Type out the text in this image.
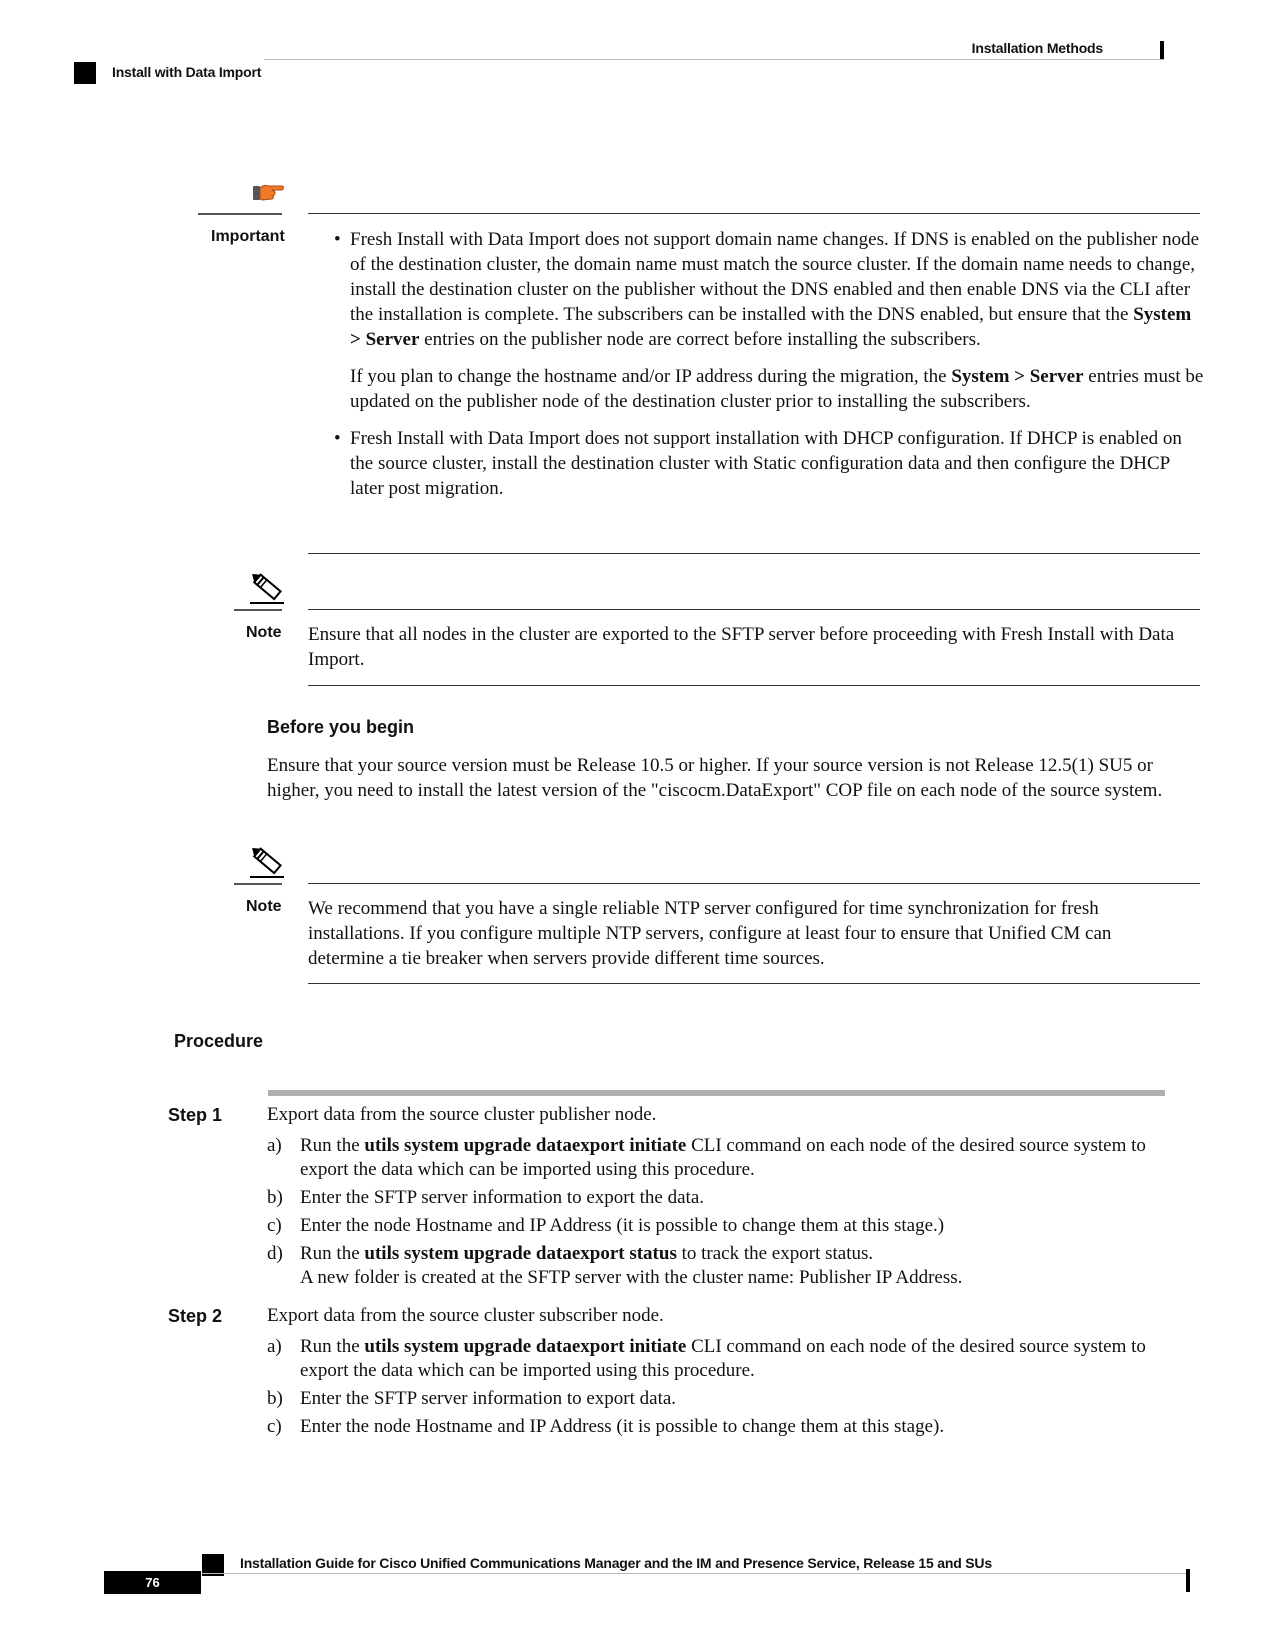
Installation Methods
Install with Data Import
Important
•	Fresh Install with Data Import does not support domain name changes. If DNS is enabled on the publisher node of the destination cluster, the domain name must match the source cluster. If the domain name needs to change, install the destination cluster on the publisher without the DNS enabled and then enable DNS via the CLI after the installation is complete. The subscribers can be installed with the DNS enabled, but ensure that the System > Server entries on the publisher node are correct before installing the subscribers.

If you plan to change the hostname and/or IP address during the migration, the System > Server entries must be updated on the publisher node of the destination cluster prior to installing the subscribers.

• Fresh Install with Data Import does not support installation with DHCP configuration. If DHCP is enabled on the source cluster, install the destination cluster with Static configuration data and then configure the DHCP later post migration.
Note Ensure that all nodes in the cluster are exported to the SFTP server before proceeding with Fresh Install with Data Import.
Before you begin
Ensure that your source version must be Release 10.5 or higher. If your source version is not Release 12.5(1) SU5 or higher, you need to install the latest version of the "ciscocm.DataExport" COP file on each node of the source system.
Note We recommend that you have a single reliable NTP server configured for time synchronization for fresh installations. If you configure multiple NTP servers, configure at least four to ensure that Unified CM can determine a tie breaker when servers provide different time sources.
Procedure
Step 1 Export data from the source cluster publisher node.
a) Run the utils system upgrade dataexport initiate CLI command on each node of the desired source system to export the data which can be imported using this procedure.
b) Enter the SFTP server information to export the data.
c) Enter the node Hostname and IP Address (it is possible to change them at this stage.)
d) Run the utils system upgrade dataexport status to track the export status.
A new folder is created at the SFTP server with the cluster name: Publisher IP Address.
Step 2 Export data from the source cluster subscriber node.
a) Run the utils system upgrade dataexport initiate CLI command on each node of the desired source system to export the data which can be imported using this procedure.
b) Enter the SFTP server information to export data.
c) Enter the node Hostname and IP Address (it is possible to change them at this stage).
Installation Guide for Cisco Unified Communications Manager and the IM and Presence Service, Release 15 and SUs
76
